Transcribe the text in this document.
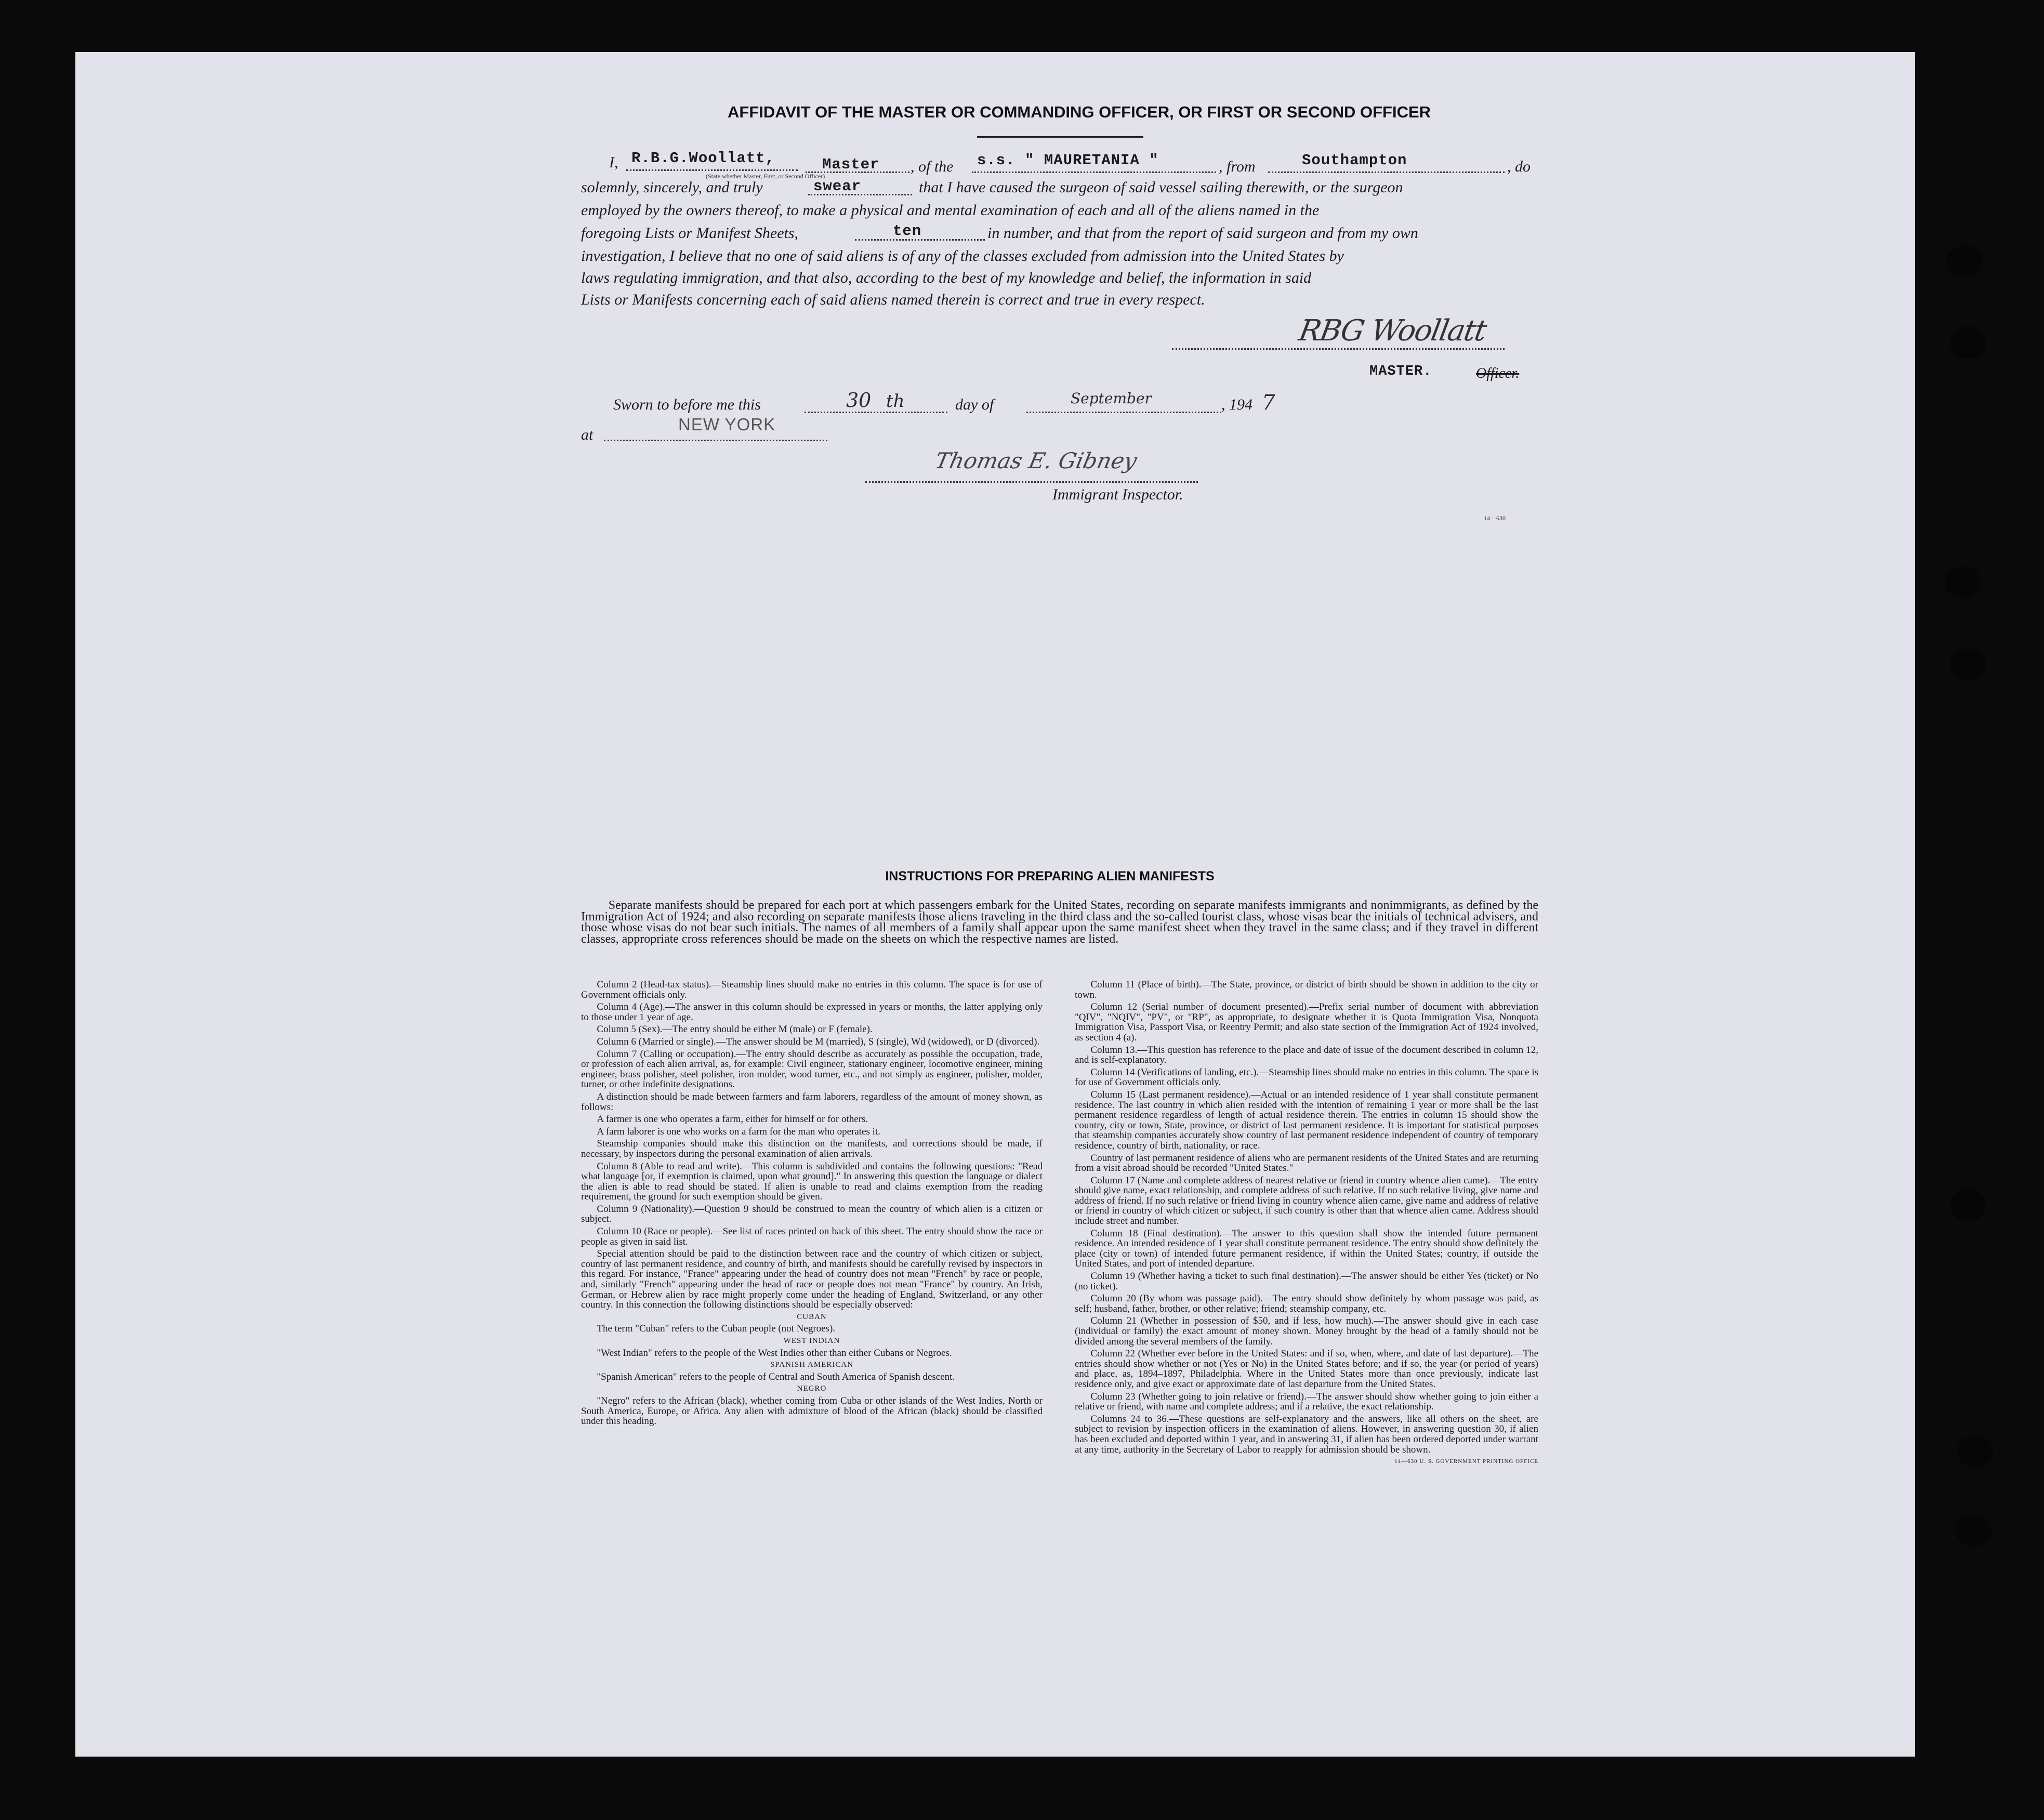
AFFIDAVIT OF THE MASTER OR COMMANDING OFFICER, OR FIRST OR SECOND OFFICER
I, R.B.G.Woollatt,	Master
(State whether Master, First, or Second Officer)
, of the s.s. " MAURETANIA "	, from	Southampton	, do
solemnly, sincerely, and truly	swear	that I have caused the surgeon of said vessel sailing therewith, or the surgeon
employed by the owners thereof, to make a physical and mental examination of each and all of the aliens named in the
foregoing Lists or Manifest Sheets,	ten	in number, and that from the report of said surgeon and from my own
investigation, I believe that no one of said aliens is of any of the classes excluded from admission into the United States by
laws regulating immigration, and that also, according to the best of my knowledge and belief, the information in said
Lists or Manifests concerning each of said aliens named therein is correct and true in every respect.
RBG Woollatt
MASTER.	Officer.
Sworn to before me this	30 th	day of	September	, 194 7
at
NEW YORK
Thomas E. Gibney
Immigrant Inspector.
14—630
INSTRUCTIONS FOR PREPARING ALIEN MANIFESTS
Separate manifests should be prepared for each port at which passengers embark for the United States, recording on separate manifests immigrants and nonimmigrants, as defined by the Immigration Act of 1924; and also recording on separate manifests those aliens traveling in the third class and the so-called tourist class, whose visas bear the initials of technical advisers, and those whose visas do not bear such initials. The names of all members of a family shall appear upon the same manifest sheet when they travel in the same class; and if they travel in different classes, appropriate cross references should be made on the sheets on which the respective names are listed.

Column 2 (Head-tax status).—Steamship lines should make no entries in this column. The space is for use of Government officials only.

Column 4 (Age).—The answer in this column should be expressed in years or months, the latter applying only to those under 1 year of age.

Column 5 (Sex).—The entry should be either M (male) or F (female).

Column 6 (Married or single).—The answer should be M (married), S (single), Wd (widowed), or D (divorced).

Column 7 (Calling or occupation).—The entry should describe as accurately as possible the occupation, trade, or profession of each alien arrival, as, for example: Civil engineer, stationary engineer, locomotive engineer, mining engineer, brass polisher, steel polisher, iron molder, wood turner, etc., and not simply as engineer, polisher, molder, turner, or other indefinite designations.

A distinction should be made between farmers and farm laborers, regardless of the amount of money shown, as follows:

A farmer is one who operates a farm, either for himself or for others.

A farm laborer is one who works on a farm for the man who operates it.

Steamship companies should make this distinction on the manifests, and corrections should be made, if necessary, by inspectors during the personal examination of alien arrivals.

Column 8 (Able to read and write).—This column is subdivided and contains the following questions: "Read what language [or, if exemption is claimed, upon what ground]." In answering this question the language or dialect the alien is able to read should be stated. If alien is unable to read and claims exemption from the reading requirement, the ground for such exemption should be given.

Column 9 (Nationality).—Question 9 should be construed to mean the country of which alien is a citizen or subject.

Column 10 (Race or people).—See list of races printed on back of this sheet. The entry should show the race or people as given in said list.

Special attention should be paid to the distinction between race and the country of which citizen or subject, country of last permanent residence, and country of birth, and manifests should be carefully revised by inspectors in this regard. For instance, "France" appearing under the head of country does not mean "French" by race or people, and, similarly "French" appearing under the head of race or people does not mean "France" by country. An Irish, German, or Hebrew alien by race might properly come under the heading of England, Switzerland, or any other country. In this connection the following distinctions should be especially observed:

CUBAN

The term "Cuban" refers to the Cuban people (not Negroes).

WEST INDIAN

"West Indian" refers to the people of the West Indies other than either Cubans or Negroes.

SPANISH AMERICAN

"Spanish American" refers to the people of Central and South America of Spanish descent.

NEGRO

"Negro" refers to the African (black), whether coming from Cuba or other islands of the West Indies, North or South America, Europe, or Africa. Any alien with admixture of blood of the African (black) should be classified under this heading.

Column 11 (Place of birth).—The State, province, or district of birth should be shown in addition to the city or town.

Column 12 (Serial number of document presented).—Prefix serial number of document with abbreviation "QIV", "NQIV", "PV", or "RP", as appropriate, to designate whether it is Quota Immigration Visa, Nonquota Immigration Visa, Passport Visa, or Reentry Permit; and also state section of the Immigration Act of 1924 involved, as section 4 (a).

Column 13.—This question has reference to the place and date of issue of the document described in column 12, and is self-explanatory.

Column 14 (Verifications of landing, etc.).—Steamship lines should make no entries in this column. The space is for use of Government officials only.

Column 15 (Last permanent residence).—Actual or an intended residence of 1 year shall constitute permanent residence. The last country in which alien resided with the intention of remaining 1 year or more shall be the last permanent residence regardless of length of actual residence therein. The entries in column 15 should show the country, city or town, State, province, or district of last permanent residence. It is important for statistical purposes that steamship companies accurately show country of last permanent residence independent of country of temporary residence, country of birth, nationality, or race.

Country of last permanent residence of aliens who are permanent residents of the United States and are returning from a visit abroad should be recorded "United States."

Column 17 (Name and complete address of nearest relative or friend in country whence alien came).—The entry should give name, exact relationship, and complete address of such relative. If no such relative living, give name and address of friend. If no such relative or friend living in country whence alien came, give name and address of relative or friend in country of which citizen or subject, if such country is other than that whence alien came. Address should include street and number.

Column 18 (Final destination).—The answer to this question shall show the intended future permanent residence. An intended residence of 1 year shall constitute permanent residence. The entry should show definitely the place (city or town) of intended future permanent residence, if within the United States; country, if outside the United States, and port of intended departure.

Column 19 (Whether having a ticket to such final destination).—The answer should be either Yes (ticket) or No (no ticket).

Column 20 (By whom was passage paid).—The entry should show definitely by whom passage was paid, as self; husband, father, brother, or other relative; friend; steamship company, etc.

Column 21 (Whether in possession of $50, and if less, how much).—The answer should give in each case (individual or family) the exact amount of money shown. Money brought by the head of a family should not be divided among the several members of the family.

Column 22 (Whether ever before in the United States: and if so, when, where, and date of last departure).—The entries should show whether or not (Yes or No) in the United States before; and if so, the year (or period of years) and place, as, 1894–1897, Philadelphia. Where in the United States more than once previously, indicate last residence only, and give exact or approximate date of last departure from the United States.

Column 23 (Whether going to join relative or friend).—The answer should show whether going to join either a relative or friend, with name and complete address; and if a relative, the exact relationship.

Columns 24 to 36.—These questions are self-explanatory and the answers, like all others on the sheet, are subject to revision by inspection officers in the examination of aliens. However, in answering question 30, if alien has been excluded and deported within 1 year, and in answering 31, if alien has been ordered deported under warrant at any time, authority in the Secretary of Labor to reapply for admission should be shown.

14—630 U. S. GOVERNMENT PRINTING OFFICE
